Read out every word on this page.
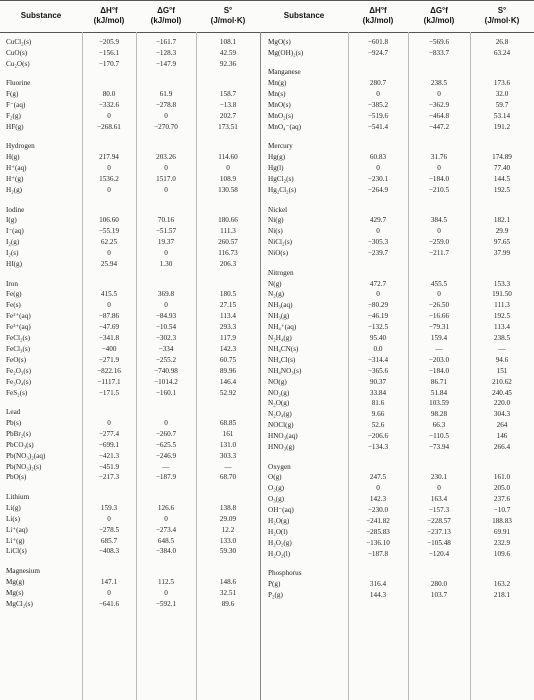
Substance
ΔH°f
(kJ/mol)
ΔG°f
(kJ/mol)
S°
(J/mol·K)
Substance
ΔH°f
(kJ/mol)
ΔG°f
(kJ/mol)
S°
(J/mol·K)
CuCl₂(s)	−205.9	−161.7	108.1
CuO(s)	−156.1	−128.3	42.59
Cu₂O(s)	−170.7	−147.9	92.36
Fluorine
F(g)	80.0	61.9	158.7
F⁻(aq)	−332.6	−278.8	−13.8
F₂(g)	0	0	202.7
HF(g)	−268.61	−270.70	173.51
Hydrogen
H(g)	217.94	203.26	114.60
H⁺(aq)	0	0	0
H⁺(g)	1536.2	1517.0	108.9
H₂(g)	0	0	130.58
Iodine
I(g)	106.60	70.16	180.66
I⁻(aq)	−55.19	−51.57	111.3
I₂(g)	62.25	19.37	260.57
I₂(s)	0	0	116.73
HI(g)	25.94	1.30	206.3
Iron
Fe(g)	415.5	369.8	180.5
Fe(s)	0	0	27.15
Fe²⁺(aq)	−87.86	−84.93	113.4
Fe³⁺(aq)	−47.69	−10.54	293.3
FeCl₂(s)	−341.8	−302.3	117.9
FeCl₃(s)	−400	−334	142.3
FeO(s)	−271.9	−255.2	60.75
Fe₂O₃(s)	−822.16	−740.98	89.96
Fe₃O₄(s)	−1117.1	−1014.2	146.4
FeS₂(s)	−171.5	−160.1	52.92
Lead
Pb(s)	0	0	68.85
PbBr₂(s)	−277.4	−260.7	161
PbCO₃(s)	−699.1	−625.5	131.0
Pb(NO₃)₂(aq)	−421.3	−246.9	303.3
Pb(NO₃)₂(s)	−451.9	—	—
PbO(s)	−217.3	−187.9	68.70
Lithium
Li(g)	159.3	126.6	138.8
Li(s)	0	0	29.09
Li⁺(aq)	−278.5	−273.4	12.2
Li⁺(g)	685.7	648.5	133.0
LiCl(s)	−408.3	−384.0	59.30
Magnesium
Mg(g)	147.1	112.5	148.6
Mg(s)	0	0	32.51
MgCl₂(s)	−641.6	−592.1	89.6
MgO(s)	−601.8	−569.6	26.8
Mg(OH)₂(s)	−924.7	−833.7	63.24
Manganese
Mn(g)	280.7	238.5	173.6
Mn(s)	0	0	32.0
MnO(s)	−385.2	−362.9	59.7
MnO₂(s)	−519.6	−464.8	53.14
MnO₄⁻(aq)	−541.4	−447.2	191.2
Mercury
Hg(g)	60.83	31.76	174.89
Hg(l)	0	0	77.40
HgCl₂(s)	−230.1	−184.0	144.5
Hg₂Cl₂(s)	−264.9	−210.5	192.5
Nickel
Ni(g)	429.7	384.5	182.1
Ni(s)	0	0	29.9
NiCl₂(s)	−305.3	−259.0	97.65
NiO(s)	−239.7	−211.7	37.99
Nitrogen
N(g)	472.7	455.5	153.3
N₂(g)	0	0	191.50
NH₃(aq)	−80.29	−26.50	111.3
NH₃(g)	−46.19	−16.66	192.5
NH₄⁺(aq)	−132.5	−79.31	113.4
N₂H₄(g)	95.40	159.4	238.5
NH₄CN(s)	0.0	—	—
NH₄Cl(s)	−314.4	−203.0	94.6
NH₄NO₃(s)	−365.6	−184.0	151
NO(g)	90.37	86.71	210.62
NO₂(g)	33.84	51.84	240.45
N₂O(g)	81.6	103.59	220.0
N₂O₄(g)	9.66	98.28	304.3
NOCl(g)	52.6	66.3	264
HNO₃(aq)	−206.6	−110.5	146
HNO₃(g)	−134.3	−73.94	266.4
Oxygen
O(g)	247.5	230.1	161.0
O₂(g)	0	0	205.0
O₃(g)	142.3	163.4	237.6
OH⁻(aq)	−230.0	−157.3	−10.7
H₂O(g)	−241.82	−228.57	188.83
H₂O(l)	−285.83	−237.13	69.91
H₂O₂(g)	−136.10	−105.48	232.9
H₂O₂(l)	−187.8	−120.4	109.6
Phosphorus
P(g)	316.4	280.0	163.2
P₂(g)	144.3	103.7	218.1
